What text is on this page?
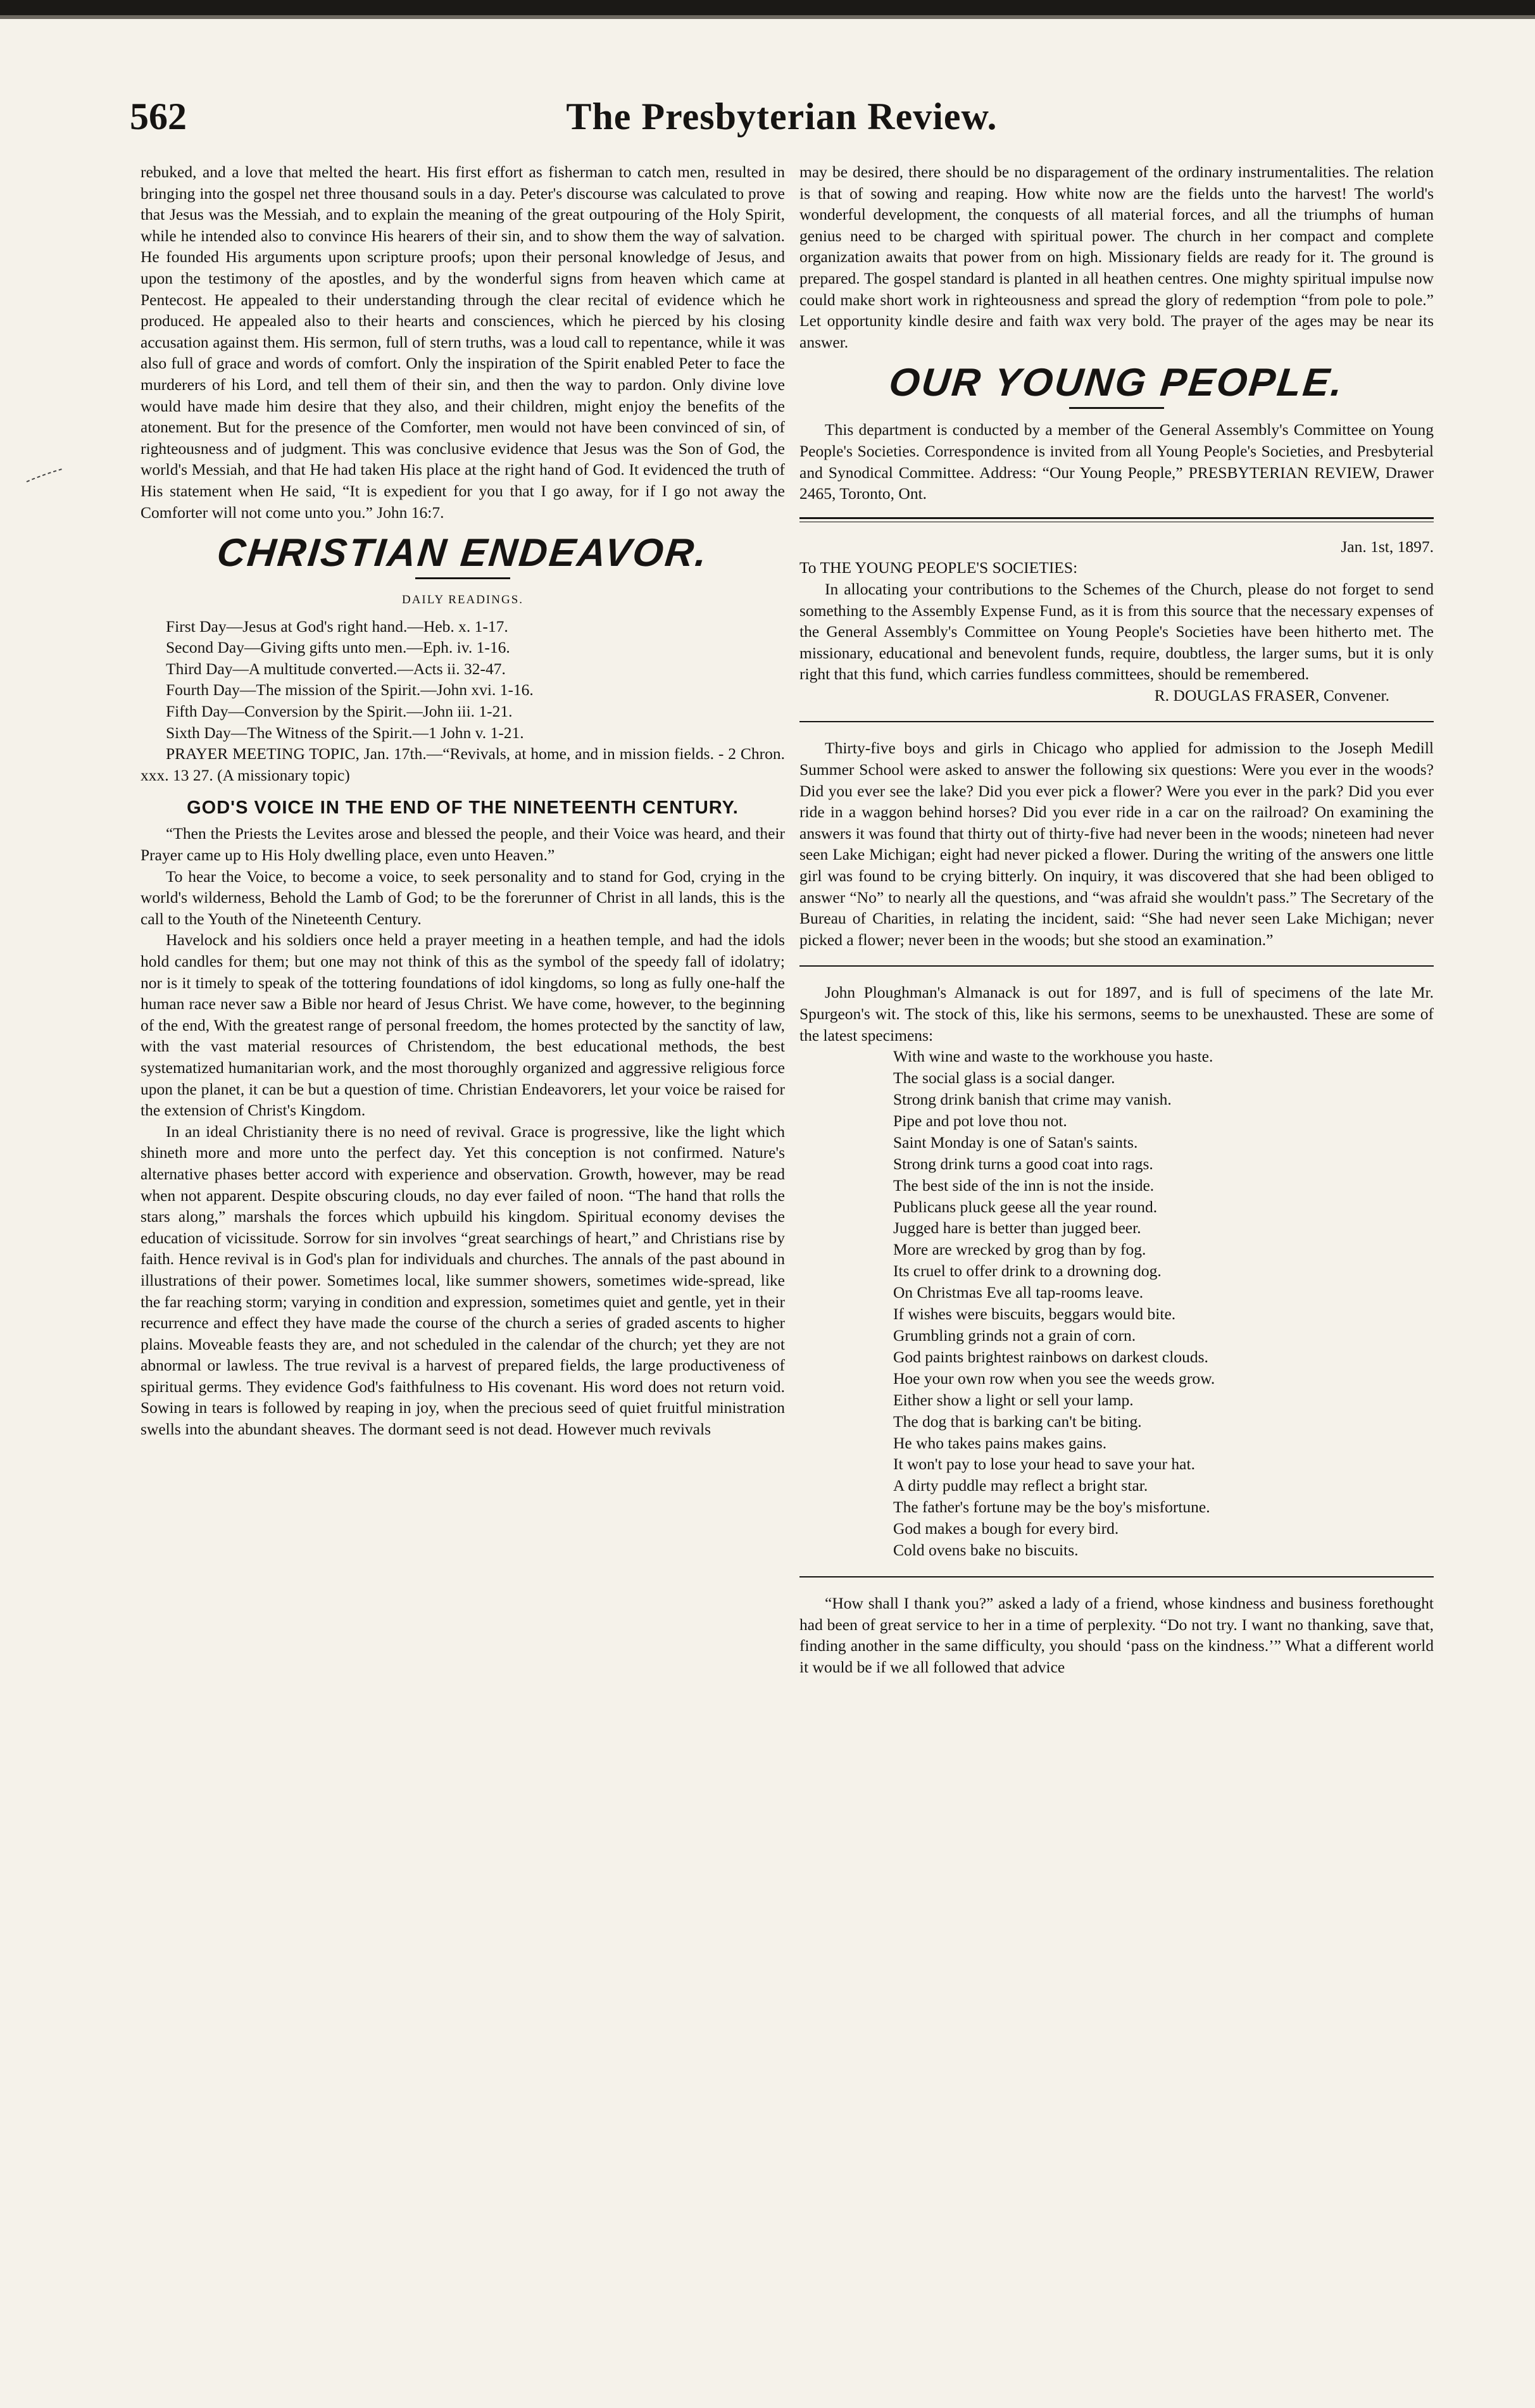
562	The Presbyterian Review.

rebuked, and a love that melted the heart. His first effort as fisherman to catch men, resulted in bringing into the gospel net three thousand souls in a day. Peter's discourse was calculated to prove that Jesus was the Messiah, and to explain the meaning of the great outpouring of the Holy Spirit, while he intended also to convince His hearers of their sin, and to show them the way of salvation. He founded His arguments upon scripture proofs; upon their personal knowledge of Jesus, and upon the testimony of the apostles, and by the wonderful signs from heaven which came at Pentecost. He appealed to their understanding through the clear recital of evidence which he produced. He appealed also to their hearts and consciences, which he pierced by his closing accusation against them. His sermon, full of stern truths, was a loud call to repentance, while it was also full of grace and words of comfort. Only the inspiration of the Spirit enabled Peter to face the murderers of his Lord, and tell them of their sin, and then the way to pardon. Only divine love would have made him desire that they also, and their children, might enjoy the benefits of the atonement. But for the presence of the Comforter, men would not have been convinced of sin, of righteousness and of judgment. This was conclusive evidence that Jesus was the Son of God, the world's Messiah, and that He had taken His place at the right hand of God. It evidenced the truth of His statement when He said, “It is expedient for you that I go away, for if I go not away the Comforter will not come unto you.” John 16:7.

CHRISTIAN ENDEAVOR.
DAILY READINGS.

First Day—Jesus at God's right hand.—Heb. x. 1-17.

Second Day—Giving gifts unto men.—Eph. iv. 1-16.

Third Day—A multitude converted.—Acts ii. 32-47.

Fourth Day—The mission of the Spirit.—John xvi. 1-16.

Fifth Day—Conversion by the Spirit.—John iii. 1-21.

Sixth Day—The Witness of the Spirit.—1 John v. 1-21.

PRAYER MEETING TOPIC, Jan. 17th.—“Revivals, at home, and in mission fields. - 2 Chron. xxx. 13 27. (A missionary topic)

GOD'S VOICE IN THE END OF THE NINETEENTH CENTURY.

“Then the Priests the Levites arose and blessed the people, and their Voice was heard, and their Prayer came up to His Holy dwelling place, even unto Heaven.”

To hear the Voice, to become a voice, to seek personality and to stand for God, crying in the world's wilderness, Behold the Lamb of God; to be the forerunner of Christ in all lands, this is the call to the Youth of the Nineteenth Century.

Havelock and his soldiers once held a prayer meeting in a heathen temple, and had the idols hold candles for them; but one may not think of this as the symbol of the speedy fall of idolatry; nor is it timely to speak of the tottering foundations of idol kingdoms, so long as fully one-half the human race never saw a Bible nor heard of Jesus Christ. We have come, however, to the beginning of the end, With the greatest range of personal freedom, the homes protected by the sanctity of law, with the vast material resources of Christendom, the best educational methods, the best systematized humanitarian work, and the most thoroughly organized and aggressive religious force upon the planet, it can be but a question of time. Christian Endeavorers, let your voice be raised for the extension of Christ's Kingdom.

In an ideal Christianity there is no need of revival. Grace is progressive, like the light which shineth more and more unto the perfect day. Yet this conception is not confirmed. Nature's alternative phases better accord with experience and observation. Growth, however, may be read when not apparent. Despite obscuring clouds, no day ever failed of noon. “The hand that rolls the stars along,” marshals the forces which upbuild his kingdom. Spiritual economy devises the education of vicissitude. Sorrow for sin involves “great searchings of heart,” and Christians rise by faith. Hence revival is in God's plan for individuals and churches. The annals of the past abound in illustrations of their power. Sometimes local, like summer showers, sometimes wide-spread, like the far reaching storm; varying in condition and expression, sometimes quiet and gentle, yet in their recurrence and effect they have made the course of the church a series of graded ascents to higher plains. Moveable feasts they are, and not scheduled in the calendar of the church; yet they are not abnormal or lawless. The true revival is a harvest of prepared fields, the large productiveness of spiritual germs. They evidence God's faithfulness to His covenant. His word does not return void. Sowing in tears is followed by reaping in joy, when the precious seed of quiet fruitful ministration swells into the abundant sheaves. The dormant seed is not dead. However much revivals

may be desired, there should be no disparagement of the ordinary instrumentalities. The relation is that of sowing and reaping. How white now are the fields unto the harvest! The world's wonderful development, the conquests of all material forces, and all the triumphs of human genius need to be charged with spiritual power. The church in her compact and complete organization awaits that power from on high. Missionary fields are ready for it. The ground is prepared. The gospel standard is planted in all heathen centres. One mighty spiritual impulse now could make short work in righteousness and spread the glory of redemption “from pole to pole.” Let opportunity kindle desire and faith wax very bold. The prayer of the ages may be near its answer.

OUR YOUNG PEOPLE.

This department is conducted by a member of the General Assembly's Committee on Young People's Societies. Correspondence is invited from all Young People's Societies, and Presbyterial and Synodical Committee. Address: “Our Young People,” PRESBYTERIAN REVIEW, Drawer 2465, Toronto, Ont.

Jan. 1st, 1897.

To THE YOUNG PEOPLE'S SOCIETIES:

In allocating your contributions to the Schemes of the Church, please do not forget to send something to the Assembly Expense Fund, as it is from this source that the necessary expenses of the General Assembly's Committee on Young People's Societies have been hitherto met. The missionary, educational and benevolent funds, require, doubtless, the larger sums, but it is only right that this fund, which carries fundless committees, should be remembered.

R. DOUGLAS FRASER, Convener.

Thirty-five boys and girls in Chicago who applied for admission to the Joseph Medill Summer School were asked to answer the following six questions: Were you ever in the woods? Did you ever see the lake? Did you ever pick a flower? Were you ever in the park? Did you ever ride in a waggon behind horses? Did you ever ride in a car on the railroad? On examining the answers it was found that thirty out of thirty-five had never been in the woods; nineteen had never seen Lake Michigan; eight had never picked a flower. During the writing of the answers one little girl was found to be crying bitterly. On inquiry, it was discovered that she had been obliged to answer “No” to nearly all the questions, and “was afraid she wouldn't pass.” The Secretary of the Bureau of Charities, in relating the incident, said: “She had never seen Lake Michigan; never picked a flower; never been in the woods; but she stood an examination.”

John Ploughman's Almanack is out for 1897, and is full of specimens of the late Mr. Spurgeon's wit. The stock of this, like his sermons, seems to be unexhausted. These are some of the latest specimens:

With wine and waste to the workhouse you haste.

The social glass is a social danger.

Strong drink banish that crime may vanish.

Pipe and pot love thou not.

Saint Monday is one of Satan's saints.

Strong drink turns a good coat into rags.

The best side of the inn is not the inside.

Publicans pluck geese all the year round.

Jugged hare is better than jugged beer.

More are wrecked by grog than by fog.

Its cruel to offer drink to a drowning dog.

On Christmas Eve all tap-rooms leave.

If wishes were biscuits, beggars would bite.

Grumbling grinds not a grain of corn.

God paints brightest rainbows on darkest clouds.

Hoe your own row when you see the weeds grow.

Either show a light or sell your lamp.

The dog that is barking can't be biting.

He who takes pains makes gains.

It won't pay to lose your head to save your hat.

A dirty puddle may reflect a bright star.

The father's fortune may be the boy's misfortune.

God makes a bough for every bird.

Cold ovens bake no biscuits.

“How shall I thank you?” asked a lady of a friend, whose kindness and business forethought had been of great service to her in a time of perplexity. “Do not try. I want no thanking, save that, finding another in the same difficulty, you should ‘pass on the kindness.’” What a different world it would be if we all followed that advice
